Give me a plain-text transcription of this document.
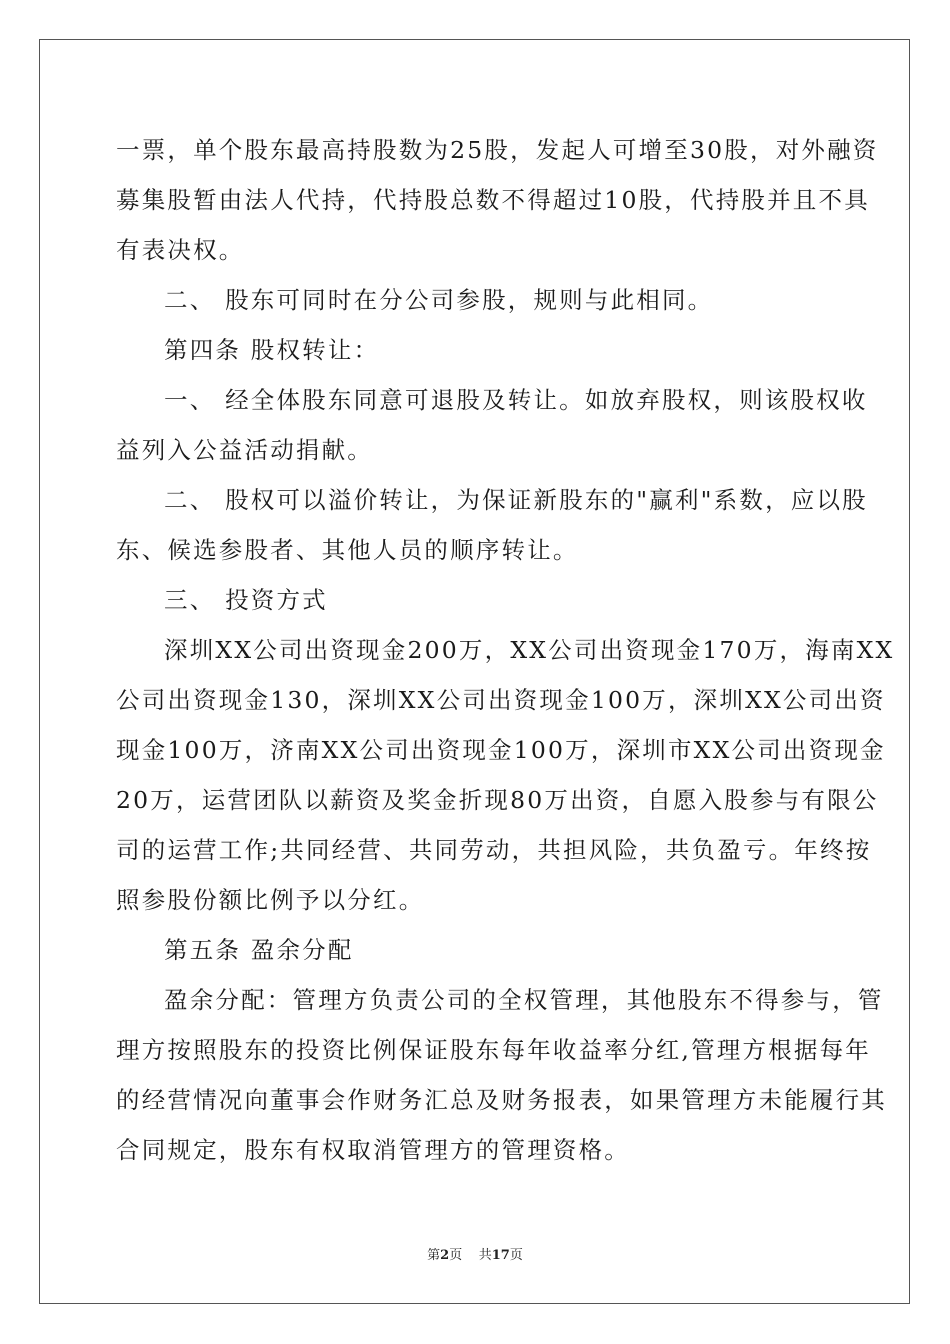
一票，单个股东最高持股数为25股，发起人可增至30股，对外融资
募集股暂由法人代持，代持股总数不得超过10股，代持股并且不具
有表决权。
二、 股东可同时在分公司参股，规则与此相同。
第四条 股权转让：
一、 经全体股东同意可退股及转让。如放弃股权，则该股权收
益列入公益活动捐献。
二、 股权可以溢价转让，为保证新股东的"赢利"系数，应以股
东、候选参股者、其他人员的顺序转让。
三、 投资方式
深圳XX公司出资现金200万，XX公司出资现金170万，海南XX
公司出资现金130，深圳XX公司出资现金100万，深圳XX公司出资
现金100万，济南XX公司出资现金100万，深圳市XX公司出资现金
20万，运营团队以薪资及奖金折现80万出资，自愿入股参与有限公
司的运营工作;共同经营、共同劳动，共担风险，共负盈亏。年终按
照参股份额比例予以分红。
第五条 盈余分配
盈余分配：管理方负责公司的全权管理，其他股东不得参与，管
理方按照股东的投资比例保证股东每年收益率分红,管理方根据每年
的经营情况向董事会作财务汇总及财务报表，如果管理方未能履行其
合同规定，股东有权取消管理方的管理资格。
第2页 共17页
